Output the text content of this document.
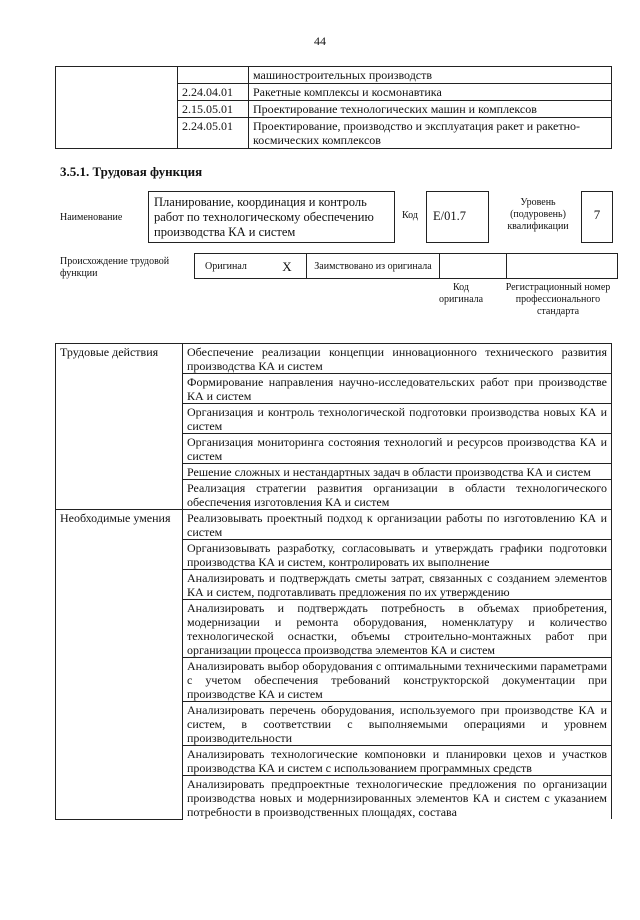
44
		машиностроительных производств
	2.24.04.01	Ракетные комплексы и космонавтика
	2.15.05.01	Проектирование технологических машин и комплексов
	2.24.05.01	Проектирование, производство и эксплуатация ракет и ракетно-космических комплексов
3.5.1. Трудовая функция
Наименование
Планирование, координация и контроль работ по технологическому обеспечению производства КА и систем
Код	E/01.7
Уровень (подуровень) квалификации
7
Происхождение трудовой функции
Оригинал	X	Заимствовано из оригинала		
Код оригинала
Регистрационный номер профессионального стандарта
Трудовые действия	Обеспечение реализации концепции инновационного технического развития производства КА и систем
	Формирование направления научно-исследовательских работ при производстве КА и систем
	Организация и контроль технологической подготовки производства новых КА и систем
	Организация мониторинга состояния технологий и ресурсов производства КА и систем
	Решение сложных и нестандартных задач в области производства КА и систем
	Реализация стратегии развития организации в области технологического обеспечения изготовления КА и систем
Необходимые умения	Реализовывать проектный подход к организации работы по изготовлению КА и систем
	Организовывать разработку, согласовывать и утверждать графики подготовки производства КА и систем, контролировать их выполнение
	Анализировать и подтверждать сметы затрат, связанных с созданием элементов КА и систем, подготавливать предложения по их утверждению
	Анализировать и подтверждать потребность в объемах приобретения, модернизации и ремонта оборудования, номенклатуру и количество технологической оснастки, объемы строительно-монтажных работ при организации процесса производства элементов КА и систем
	Анализировать выбор оборудования с оптимальными техническими параметрами с учетом обеспечения требований конструкторской документации при производстве КА и систем
	Анализировать перечень оборудования, используемого при производстве КА и систем, в соответствии с выполняемыми операциями и уровнем производительности
	Анализировать технологические компоновки и планировки цехов и участков производства КА и систем с использованием программных средств
	Анализировать предпроектные технологические предложения по организации производства новых и модернизированных элементов КА и систем с указанием потребности в производственных площадях, состава
